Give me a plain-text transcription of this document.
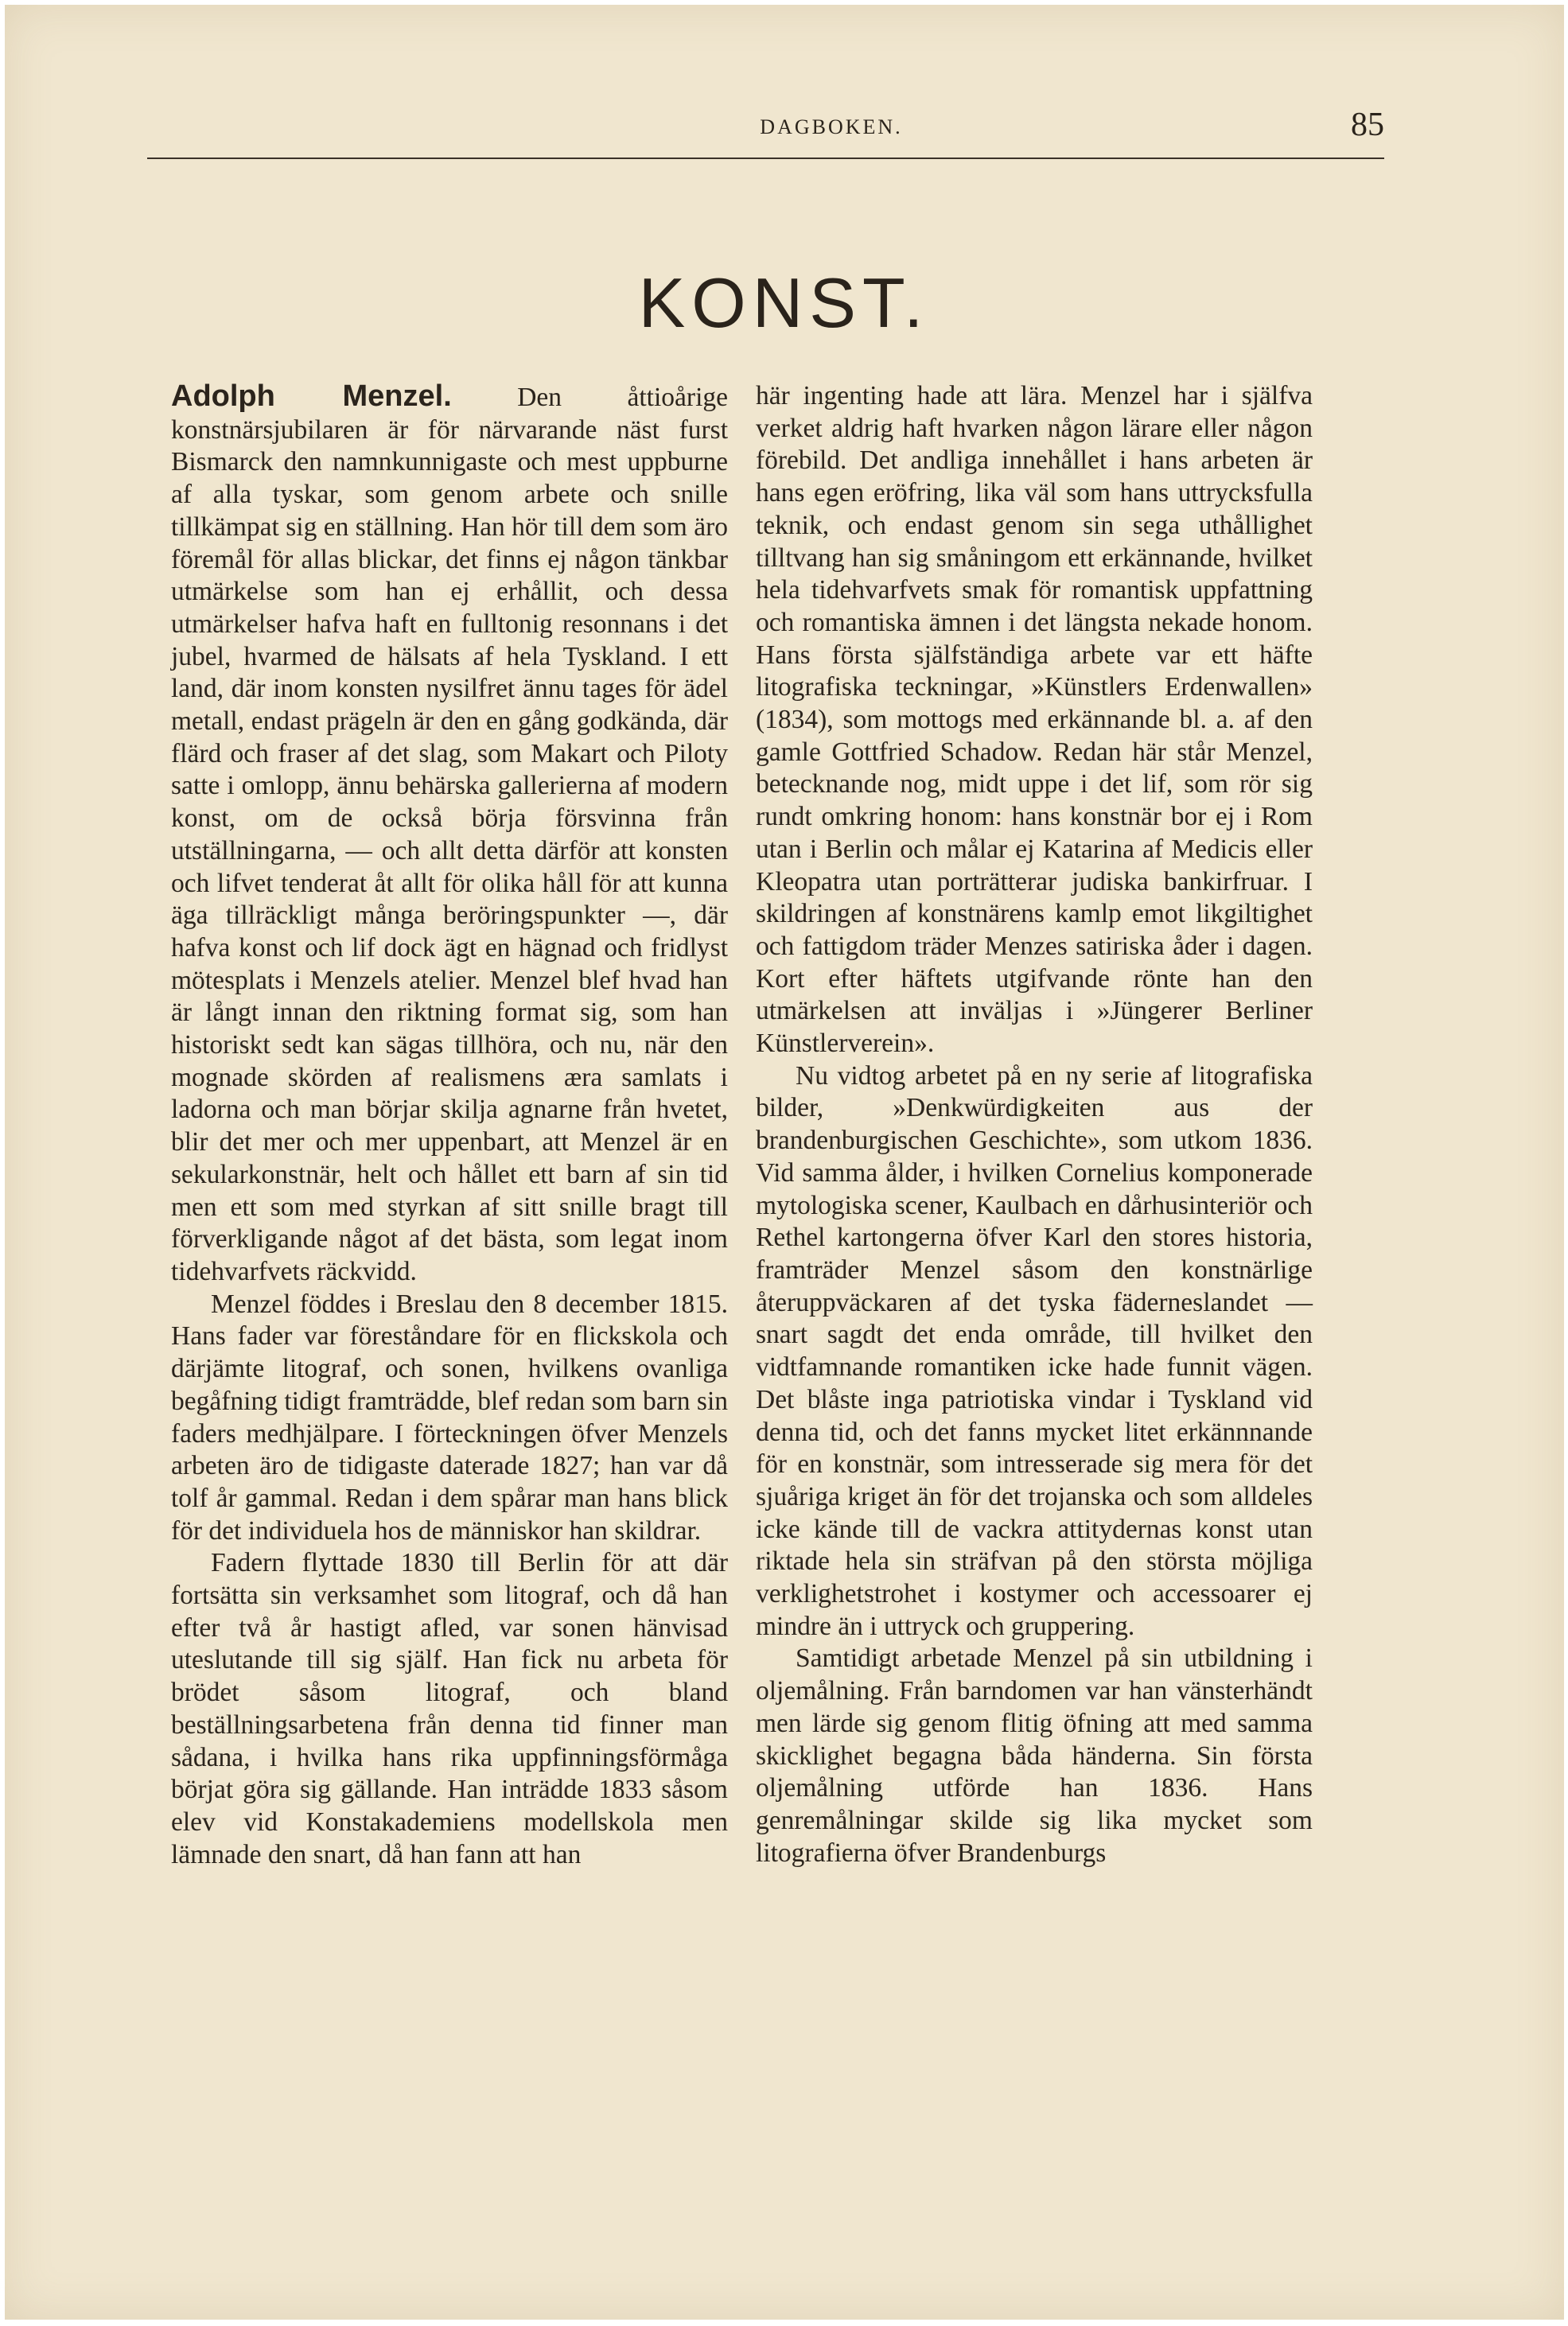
DAGBOKEN.	85
KONST.

Adolph Menzel. Den åttioårige konstnärsjubilaren är för närvarande näst furst Bismarck den namnkunnigaste och mest uppburne af alla tyskar, som genom arbete och snille tillkämpat sig en ställning. Han hör till dem som äro föremål för allas blickar, det finns ej någon tänkbar utmärkelse som han ej erhållit, och dessa utmärkelser hafva haft en fulltonig resonnans i det jubel, hvarmed de hälsats af hela Tyskland. I ett land, där inom konsten nysilfret ännu tages för ädel metall, endast prägeln är den en gång godkända, där flärd och fraser af det slag, som Makart och Piloty satte i omlopp, ännu behärska gallerierna af modern konst, om de också börja försvinna från utställningarna, — och allt detta därför att konsten och lifvet tenderat åt allt för olika håll för att kunna äga tillräckligt många beröringspunkter —, där hafva konst och lif dock ägt en hägnad och fridlyst mötesplats i Menzels atelier. Menzel blef hvad han är långt innan den riktning format sig, som han historiskt sedt kan sägas tillhöra, och nu, när den mognade skörden af realismens æra samlats i ladorna och man börjar skilja agnarne från hvetet, blir det mer och mer uppenbart, att Menzel är en sekularkonstnär, helt och hållet ett barn af sin tid men ett som med styrkan af sitt snille bragt till förverkligande något af det bästa, som legat inom tidehvarfvets räckvidd.

Menzel föddes i Breslau den 8 december 1815. Hans fader var föreståndare för en flickskola och därjämte litograf, och sonen, hvilkens ovanliga begåfning tidigt framträdde, blef redan som barn sin faders medhjälpare. I förteckningen öfver Menzels arbeten äro de tidigaste daterade 1827; han var då tolf år gammal. Redan i dem spårar man hans blick för det individuela hos de människor han skildrar.

Fadern flyttade 1830 till Berlin för att där fortsätta sin verksamhet som litograf, och då han efter två år hastigt afled, var sonen hänvisad uteslutande till sig själf. Han fick nu arbeta för brödet såsom litograf, och bland beställningsarbetena från denna tid finner man sådana, i hvilka hans rika uppfinningsförmåga börjat göra sig gällande. Han inträdde 1833 såsom elev vid Konstakademiens modellskola men lämnade den snart, då han fann att han

här ingenting hade att lära. Menzel har i själfva verket aldrig haft hvarken någon lärare eller någon förebild. Det andliga innehållet i hans arbeten är hans egen eröfring, lika väl som hans uttrycksfulla teknik, och endast genom sin sega uthållighet tilltvang han sig småningom ett erkännande, hvilket hela tidehvarfvets smak för romantisk uppfattning och romantiska ämnen i det längsta nekade honom. Hans första själfständiga arbete var ett häfte litografiska teckningar, »Künstlers Erdenwallen» (1834), som mottogs med erkännande bl. a. af den gamle Gottfried Schadow. Redan här står Menzel, betecknande nog, midt uppe i det lif, som rör sig rundt omkring honom: hans konstnär bor ej i Rom utan i Berlin och målar ej Katarina af Medicis eller Kleopatra utan porträtterar judiska bankirfruar. I skildringen af konstnärens kamlp emot likgiltighet och fattigdom träder Menzes satiriska åder i dagen. Kort efter häftets utgifvande rönte han den utmärkelsen att inväljas i »Jüngerer Berliner Künstlerverein».

Nu vidtog arbetet på en ny serie af litografiska bilder, »Denkwürdigkeiten aus der brandenburgischen Geschichte», som utkom 1836. Vid samma ålder, i hvilken Cornelius komponerade mytologiska scener, Kaulbach en dårhusinteriör och Rethel kartongerna öfver Karl den stores historia, framträder Menzel såsom den konstnärlige återuppväckaren af det tyska fäderneslandet — snart sagdt det enda område, till hvilket den vidtfamnande romantiken icke hade funnit vägen. Det blåste inga patriotiska vindar i Tyskland vid denna tid, och det fanns mycket litet erkännnande för en konstnär, som intresserade sig mera för det sjuåriga kriget än för det trojanska och som alldeles icke kände till de vackra attitydernas konst utan riktade hela sin sträfvan på den största möjliga verklighetstrohet i kostymer och accessoarer ej mindre än i uttryck och gruppering.

Samtidigt arbetade Menzel på sin utbildning i oljemålning. Från barndomen var han vänsterhändt men lärde sig genom flitig öfning att med samma skicklighet begagna båda händerna. Sin första oljemålning utförde han 1836. Hans genremålningar skilde sig lika mycket som litografierna öfver Brandenburgs
